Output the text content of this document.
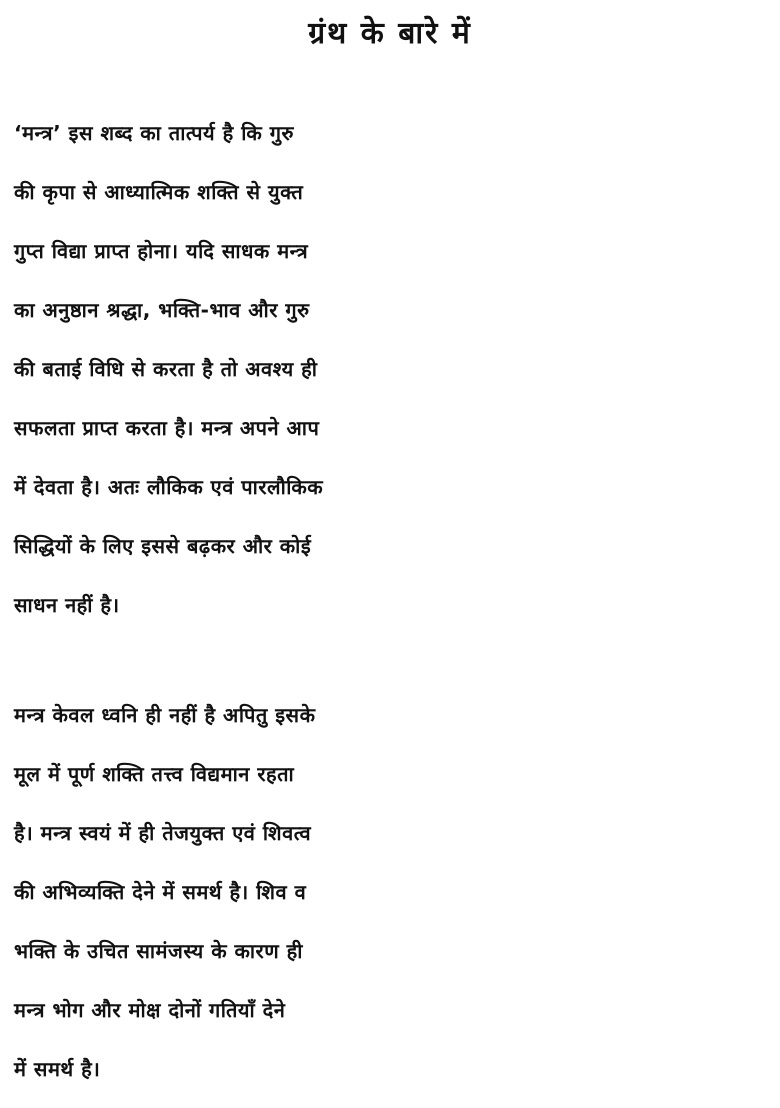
ग्रंथ के बारे में
‘मन्त्र’ इस शब्द का तात्पर्य है कि गुरु
की कृपा से आध्यात्मिक शक्ति से युक्त
गुप्त विद्या प्राप्त होना। यदि साधक मन्त्र
का अनुष्ठान श्रद्धा, भक्ति-भाव और गुरु
की बताई विधि से करता है तो अवश्य ही
सफलता प्राप्त करता है। मन्त्र अपने आप
में देवता है। अतः लौकिक एवं पारलौकिक
सिद्धियों के लिए इससे बढ़कर और कोई
साधन नहीं है।
मन्त्र केवल ध्वनि ही नहीं है अपितु इसके
मूल में पूर्ण शक्ति तत्त्व विद्यमान रहता
है। मन्त्र स्वयं में ही तेजयुक्त एवं शिवत्व
की अभिव्यक्ति देने में समर्थ है। शिव व
भक्ति के उचित सामंजस्य के कारण ही
मन्त्र भोग और मोक्ष दोनों गतियाँ देने
में समर्थ है।
